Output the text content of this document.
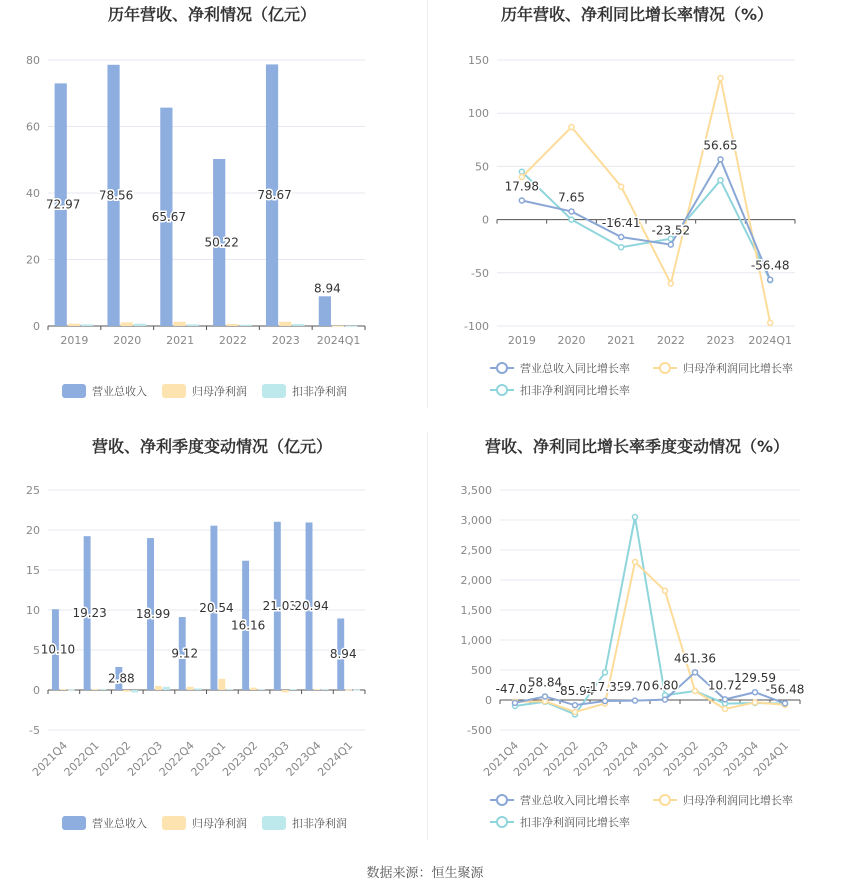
历年营收、净利情况（亿元）
0
20
40
60
80
2019 2020 2021 2022 2023 2024Q1
72.97
78.56
65.67
50.22
78.67
8.94
营业总收入	归母净利润	扣非净利润
历年营收、净利同比增长率情况（%）
-100
-50
0
50
100
150
2019 2020 2021 2022 2023 2024Q1
17.98
7.65
-16.41
-23.52
56.65
-56.48
营业总收入同比增长率	归母净利润同比增长率
扣非净利润同比增长率
营收、净利季度变动情况（亿元）
-5
0
5
10
15
20
25
2021Q4
2022Q1
2022Q2
2022Q3
2022Q4
2023Q1
2023Q2
2023Q3
2023Q4
2024Q1
10.10
19.23
2.88
18.99
9.12
20.54
16.16
21.03
20.94
8.94
营业总收入	归母净利润	扣非净利润
营收、净利同比增长率季度变动情况（%）
-500
0
500
1,000
1,500
2,000
2,500
3,000
3,500
2021Q4
2022Q1
2022Q2
2022Q3
2022Q4
2023Q1
2023Q2
2023Q3
2023Q4
2024Q1
-47.02
58.84
-85.94
-17.35
-9.70 6.80
461.36
10.72
129.59
-56.48
营业总收入同比增长率	归母净利润同比增长率
扣非净利润同比增长率
数据来源：恒生聚源
